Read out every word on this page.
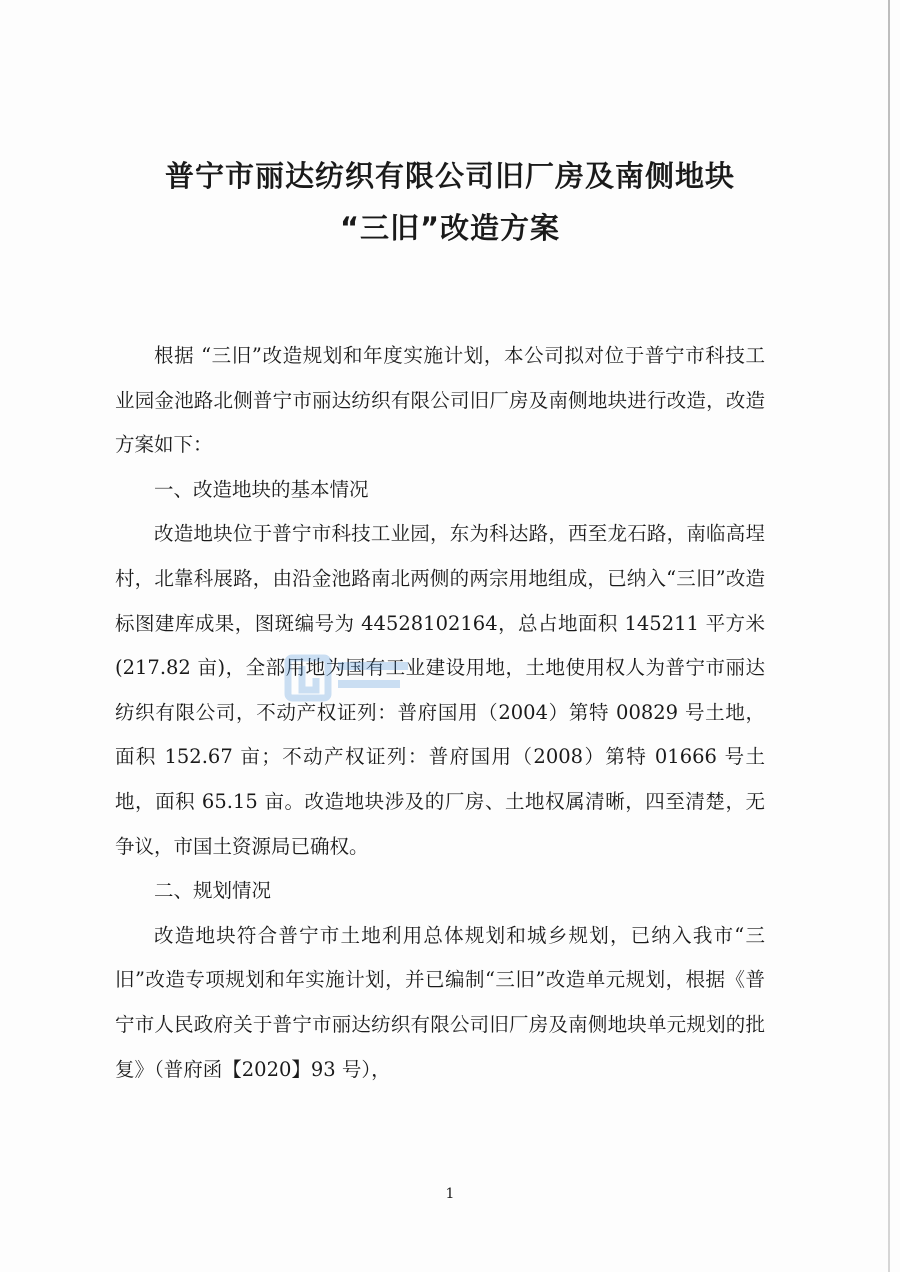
普宁市丽达纺织有限公司旧厂房及南侧地块
“三旧”改造方案

根据 “三旧”改造规划和年度实施计划，本公司拟对位于普宁市科技工业园金池路北侧普宁市丽达纺织有限公司旧厂房及南侧地块进行改造，改造方案如下：

一、改造地块的基本情况

改造地块位于普宁市科技工业园，东为科达路，西至龙石路，南临高埕村，北靠科展路，由沿金池路南北两侧的两宗用地组成，已纳入“三旧”改造标图建库成果，图斑编号为 44528102164，总占地面积 145211 平方米(217.82 亩)，全部用地为国有工业建设用地，土地使用权人为普宁市丽达纺织有限公司，不动产权证列：普府国用（2004）第特 00829 号土地，面积 152.67 亩；不动产权证列：普府国用（2008）第特 01666 号土地，面积 65.15 亩。改造地块涉及的厂房、土地权属清晰，四至清楚，无争议，市国土资源局已确权。

二、规划情况

改造地块符合普宁市土地利用总体规划和城乡规划，已纳入我市“三旧”改造专项规划和年实施计划，并已编制“三旧”改造单元规划，根据《普宁市人民政府关于普宁市丽达纺织有限公司旧厂房及南侧地块单元规划的批复》（普府函【2020】93 号），

1
